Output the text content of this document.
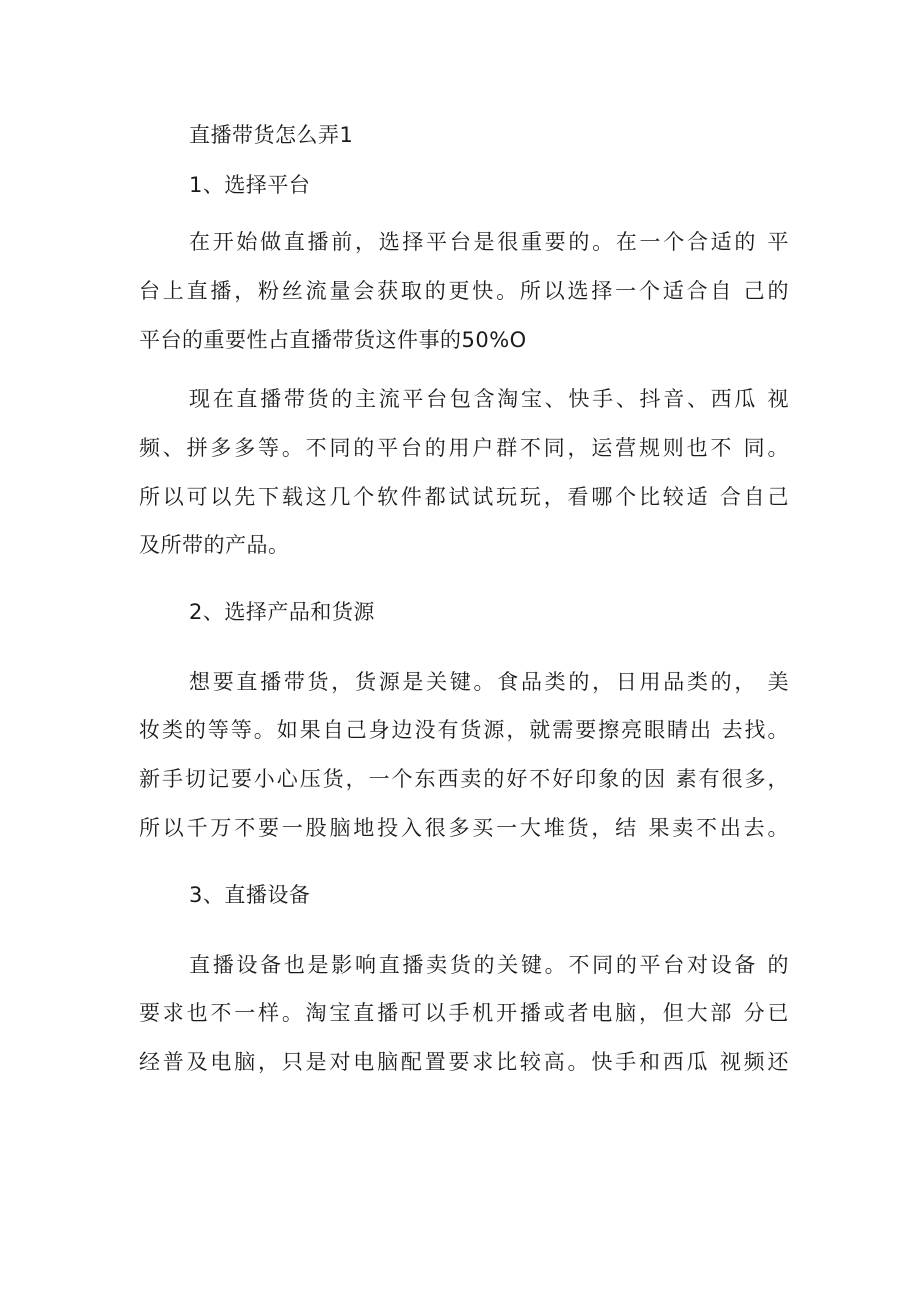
直播带货怎么弄1
1、选择平台
在开始做直播前，选择平台是很重要的。在一个合适的 平
台上直播，粉丝流量会获取的更快。所以选择一个适合自 己的
平台的重要性占直播带货这件事的50%O
现在直播带货的主流平台包含淘宝、快手、抖音、西瓜 视
频、拼多多等。不同的平台的用户群不同，运营规则也不 同。
所以可以先下载这几个软件都试试玩玩，看哪个比较适 合自己
及所带的产品。
2、选择产品和货源
想要直播带货，货源是关键。食品类的，日用品类的， 美
妆类的等等。如果自己身边没有货源，就需要擦亮眼睛出 去找。
新手切记要小心压货，一个东西卖的好不好印象的因 素有很多，
所以千万不要一股脑地投入很多买一大堆货，结 果卖不出去。
3、直播设备
直播设备也是影响直播卖货的关键。不同的平台对设备 的
要求也不一样。淘宝直播可以手机开播或者电脑，但大部 分已
经普及电脑，只是对电脑配置要求比较高。快手和西瓜 视频还
